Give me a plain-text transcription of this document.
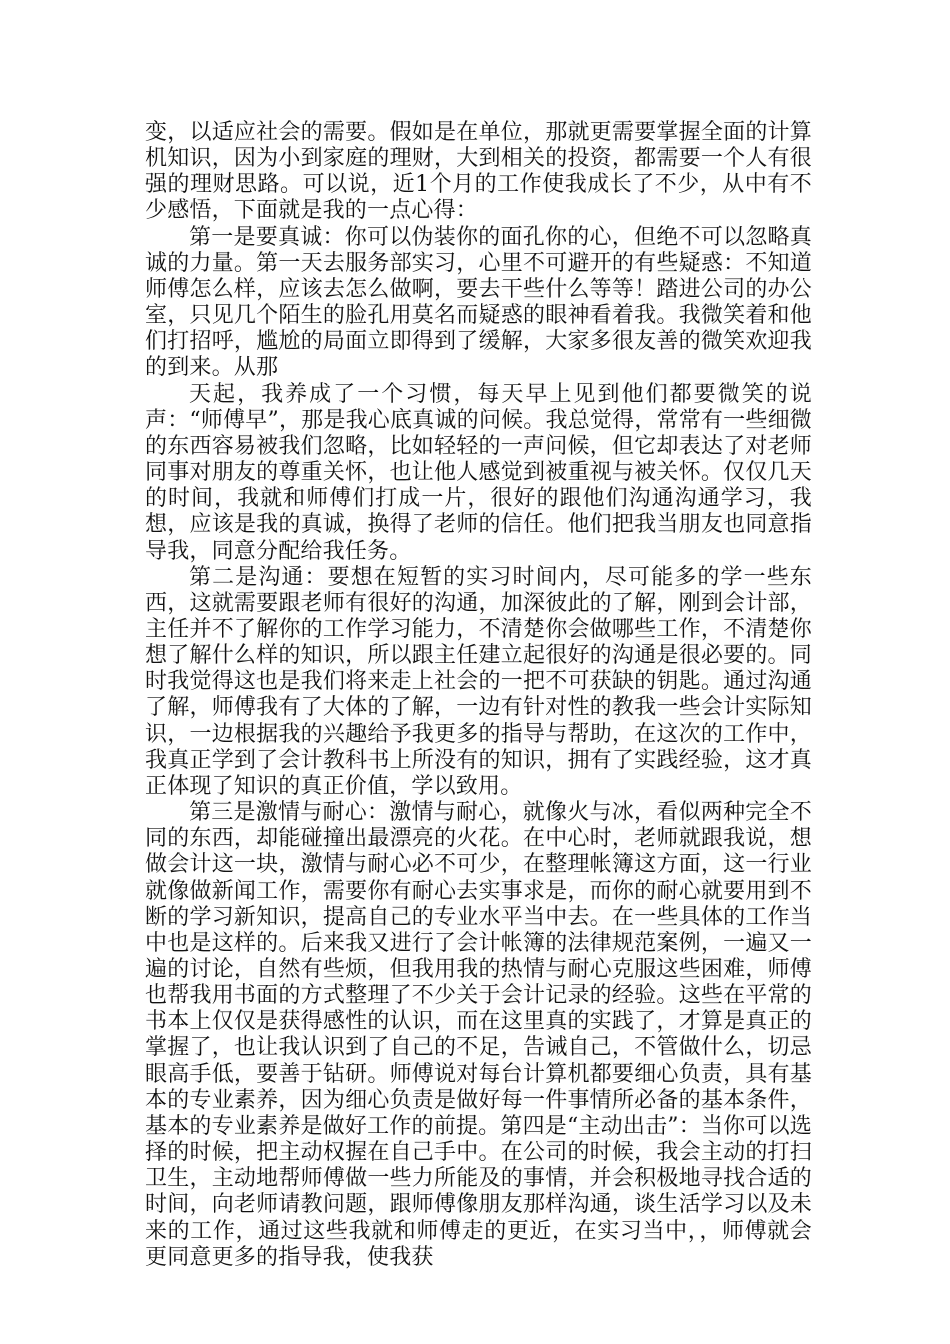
变，以适应社会的需要。假如是在单位，那就更需要掌握全面的计算机知识，因为小到家庭的理财，大到相关的投资，都需要一个人有很强的理财思路。可以说，近1个月的工作使我成长了不少，从中有不少感悟，下面就是我的一点心得：

第一是要真诚：你可以伪装你的面孔你的心，但绝不可以忽略真诚的力量。第一天去服务部实习，心里不可避开的有些疑惑：不知道师傅怎么样，应该去怎么做啊，要去干些什么等等！踏进公司的办公室，只见几个陌生的脸孔用莫名而疑惑的眼神看着我。我微笑着和他们打招呼，尴尬的局面立即得到了缓解，大家多很友善的微笑欢迎我的到来。从那

天起，我养成了一个习惯，每天早上见到他们都要微笑的说声：“师傅早”，那是我心底真诚的问候。我总觉得，常常有一些细微的东西容易被我们忽略，比如轻轻的一声问候，但它却表达了对老师同事对朋友的尊重关怀，也让他人感觉到被重视与被关怀。仅仅几天的时间，我就和师傅们打成一片，很好的跟他们沟通沟通学习，我想，应该是我的真诚，换得了老师的信任。他们把我当朋友也同意指导我，同意分配给我任务。

第二是沟通：要想在短暂的实习时间内，尽可能多的学一些东西，这就需要跟老师有很好的沟通，加深彼此的了解，刚到会计部，主任并不了解你的工作学习能力，不清楚你会做哪些工作，不清楚你想了解什么样的知识，所以跟主任建立起很好的沟通是很必要的。同时我觉得这也是我们将来走上社会的一把不可获缺的钥匙。通过沟通了解，师傅我有了大体的了解，一边有针对性的教我一些会计实际知识，一边根据我的兴趣给予我更多的指导与帮助，在这次的工作中，我真正学到了会计教科书上所没有的知识，拥有了实践经验，这才真正体现了知识的真正价值，学以致用。

第三是激情与耐心：激情与耐心，就像火与冰，看似两种完全不同的东西，却能碰撞出最漂亮的火花。在中心时，老师就跟我说，想做会计这一块，激情与耐心必不可少，在整理帐簿这方面，这一行业就像做新闻工作，需要你有耐心去实事求是，而你的耐心就要用到不断的学习新知识，提高自己的专业水平当中去。在一些具体的工作当中也是这样的。后来我又进行了会计帐簿的法律规范案例，一遍又一遍的讨论，自然有些烦，但我用我的热情与耐心克服这些困难，师傅也帮我用书面的方式整理了不少关于会计记录的经验。这些在平常的书本上仅仅是获得感性的认识，而在这里真的实践了，才算是真正的掌握了，也让我认识到了自己的不足，告诫自己，不管做什么，切忌眼高手低，要善于钻研。师傅说对每台计算机都要细心负责，具有基本的专业素养，因为细心负责是做好每一件事情所必备的基本条件，基本的专业素养是做好工作的前提。第四是“主动出击”：当你可以选择的时候，把主动权握在自己手中。在公司的时候，我会主动的打扫卫生，主动地帮师傅做一些力所能及的事情，并会积极地寻找合适的时间，向老师请教问题，跟师傅像朋友那样沟通，谈生活学习以及未来的工作，通过这些我就和师傅走的更近，在实习当中，，师傅就会更同意更多的指导我，使我获
